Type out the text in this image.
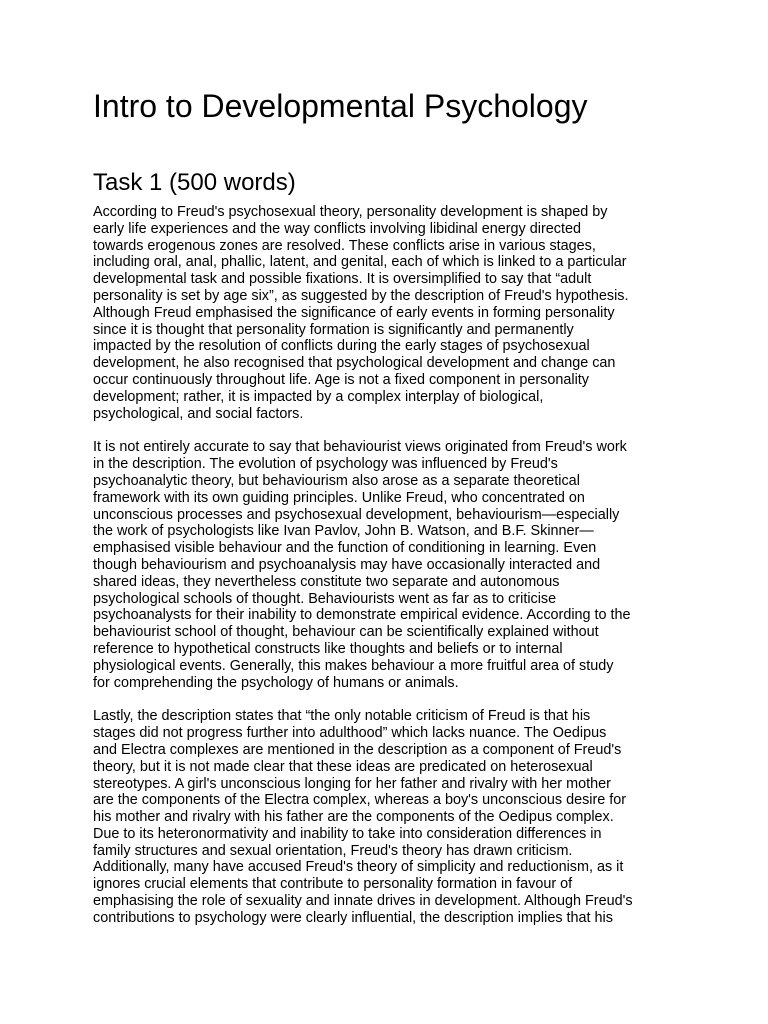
Intro to Developmental Psychology
Task 1 (500 words)
According to Freud's psychosexual theory, personality development is shaped by
early life experiences and the way conflicts involving libidinal energy directed
towards erogenous zones are resolved. These conflicts arise in various stages,
including oral, anal, phallic, latent, and genital, each of which is linked to a particular
developmental task and possible fixations. It is oversimplified to say that “adult
personality is set by age six”, as suggested by the description of Freud's hypothesis.
Although Freud emphasised the significance of early events in forming personality
since it is thought that personality formation is significantly and permanently
impacted by the resolution of conflicts during the early stages of psychosexual
development, he also recognised that psychological development and change can
occur continuously throughout life. Age is not a fixed component in personality
development; rather, it is impacted by a complex interplay of biological,
psychological, and social factors.
It is not entirely accurate to say that behaviourist views originated from Freud's work
in the description. The evolution of psychology was influenced by Freud's
psychoanalytic theory, but behaviourism also arose as a separate theoretical
framework with its own guiding principles. Unlike Freud, who concentrated on
unconscious processes and psychosexual development, behaviourism—especially
the work of psychologists like Ivan Pavlov, John B. Watson, and B.F. Skinner—
emphasised visible behaviour and the function of conditioning in learning. Even
though behaviourism and psychoanalysis may have occasionally interacted and
shared ideas, they nevertheless constitute two separate and autonomous
psychological schools of thought. Behaviourists went as far as to criticise
psychoanalysts for their inability to demonstrate empirical evidence. According to the
behaviourist school of thought, behaviour can be scientifically explained without
reference to hypothetical constructs like thoughts and beliefs or to internal
physiological events. Generally, this makes behaviour a more fruitful area of study
for comprehending the psychology of humans or animals.
Lastly, the description states that “the only notable criticism of Freud is that his
stages did not progress further into adulthood” which lacks nuance. The Oedipus
and Electra complexes are mentioned in the description as a component of Freud's
theory, but it is not made clear that these ideas are predicated on heterosexual
stereotypes. A girl's unconscious longing for her father and rivalry with her mother
are the components of the Electra complex, whereas a boy's unconscious desire for
his mother and rivalry with his father are the components of the Oedipus complex.
Due to its heteronormativity and inability to take into consideration differences in
family structures and sexual orientation, Freud's theory has drawn criticism.
Additionally, many have accused Freud's theory of simplicity and reductionism, as it
ignores crucial elements that contribute to personality formation in favour of
emphasising the role of sexuality and innate drives in development. Although Freud's
contributions to psychology were clearly influential, the description implies that his
